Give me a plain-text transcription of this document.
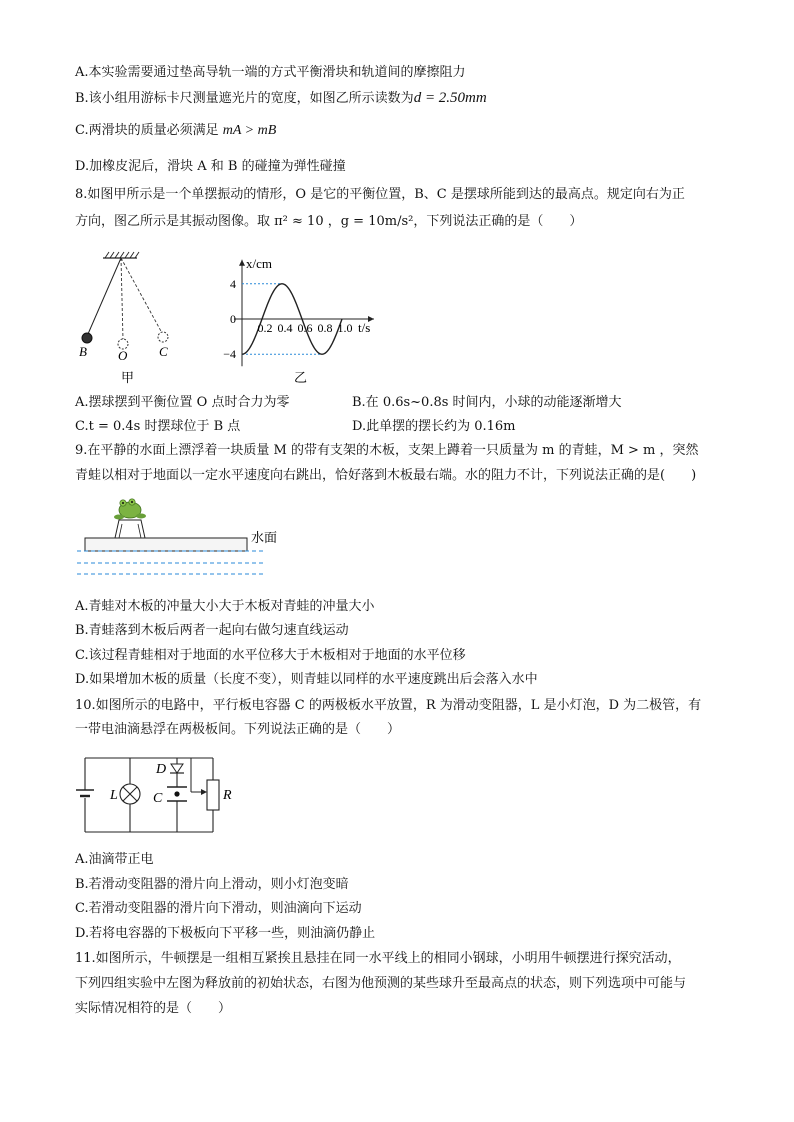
A.本实验需要通过垫高导轨一端的方式平衡滑块和轨道间的摩擦阻力
B.该小组用游标卡尺测量遮光片的宽度，如图乙所示读数为d = 2.50mm
C.两滑块的质量必须满足 mA > mB
D.加橡皮泥后，滑块 A 和 B 的碰撞为弹性碰撞
8.如图甲所示是一个单摆振动的情形，O 是它的平衡位置，B、C 是摆球所能到达的最高点。规定向右为正
方向，图乙所示是其振动图像。取 π² ≈ 10 ，g = 10m/s²，下列说法正确的是（　　）
B O C
甲
x/cm
t/s
4
0
−4
0.2 0.4 0.6 0.8 1.0
乙
A.摆球摆到平衡位置 O 点时合力为零	B.在 0.6s~0.8s 时间内，小球的动能逐渐增大
C.t = 0.4s 时摆球位于 B 点	D.此单摆的摆长约为 0.16m
9.在平静的水面上漂浮着一块质量 M 的带有支架的木板，支架上蹲着一只质量为 m 的青蛙，M > m ，突然
青蛙以相对于地面以一定水平速度向右跳出，恰好落到木板最右端。水的阻力不计，下列说法正确的是(　　)
水面
A.青蛙对木板的冲量大小大于木板对青蛙的冲量大小
B.青蛙落到木板后两者一起向右做匀速直线运动
C.该过程青蛙相对于地面的水平位移大于木板相对于地面的水平位移
D.如果增加木板的质量（长度不变），则青蛙以同样的水平速度跳出后会落入水中
10.如图所示的电路中，平行板电容器 C 的两极板水平放置，R 为滑动变阻器，L 是小灯泡，D 为二极管，有
一带电油滴悬浮在两极板间。下列说法正确的是（　　）
L
D
C	R
A.油滴带正电
B.若滑动变阻器的滑片向上滑动，则小灯泡变暗
C.若滑动变阻器的滑片向下滑动，则油滴向下运动
D.若将电容器的下极板向下平移一些，则油滴仍静止
11.如图所示，牛顿摆是一组相互紧挨且悬挂在同一水平线上的相同小钢球，小明用牛顿摆进行探究活动，
下列四组实验中左图为释放前的初始状态，右图为他预测的某些球升至最高点的状态，则下列选项中可能与
实际情况相符的是（　　）
